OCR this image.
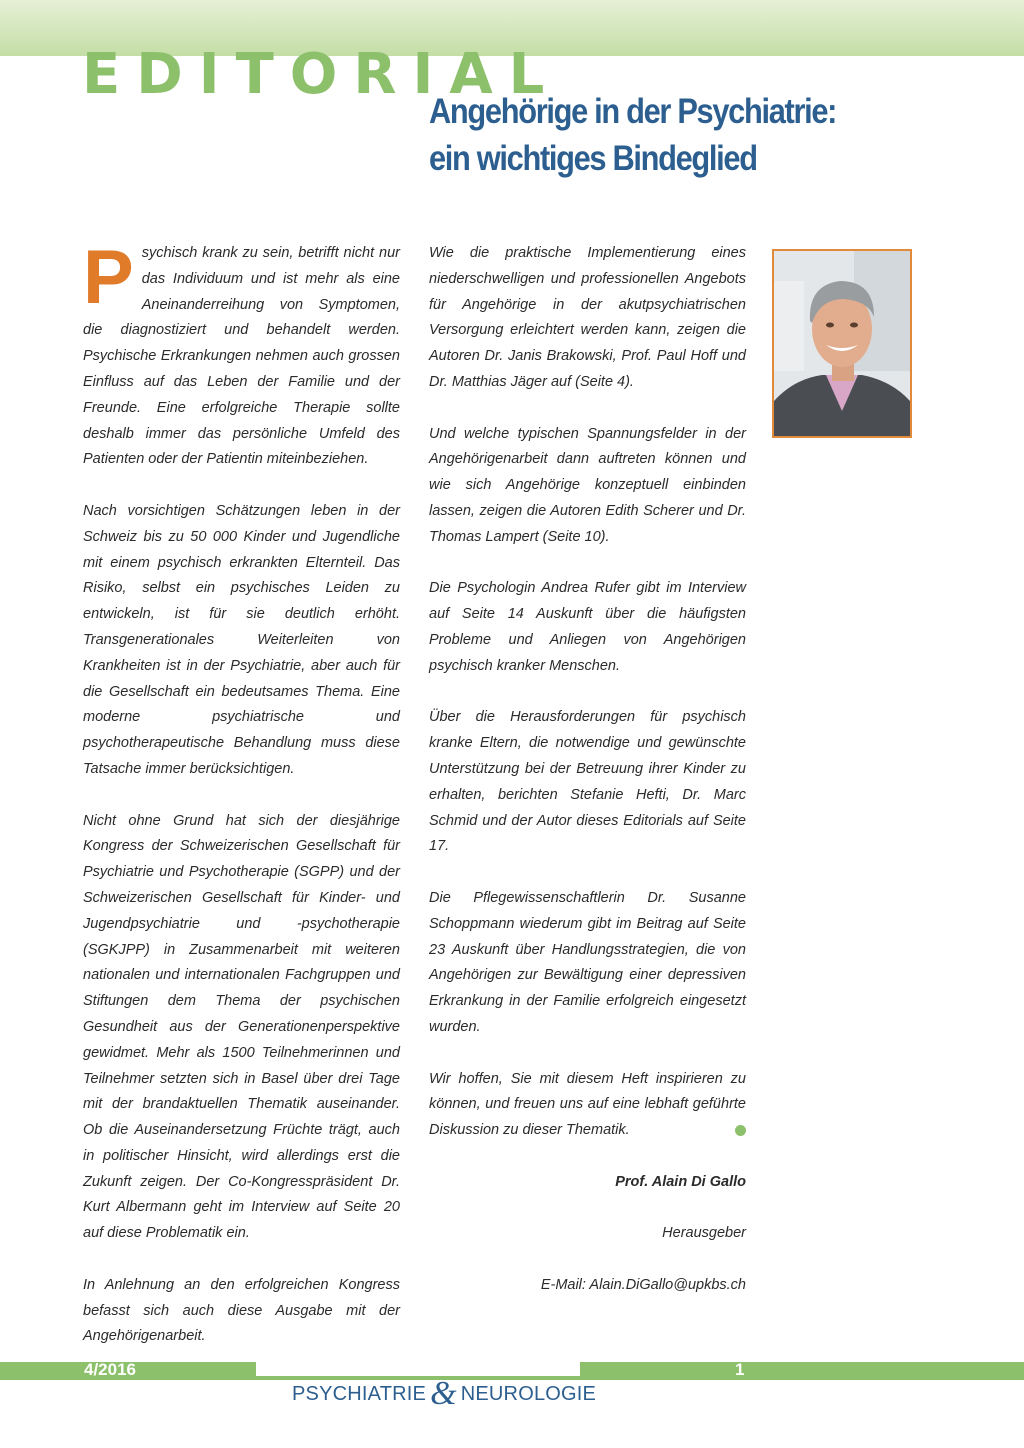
EDITORIAL
Angehörige in der Psychiatrie:
ein wichtiges Bindeglied

Psychisch krank zu sein, betrifft nicht nur das Individuum und ist mehr als eine Aneinanderreihung von Symptomen, die diagnostiziert und behandelt werden. Psychische Erkrankungen nehmen auch grossen Einfluss auf das Leben der Familie und der Freunde. Eine erfolgreiche Therapie sollte deshalb immer das persönliche Umfeld des Patienten oder der Patientin miteinbeziehen.

Nach vorsichtigen Schätzungen leben in der Schweiz bis zu 50 000 Kinder und Jugendliche mit einem psychisch erkrankten Elternteil. Das Risiko, selbst ein psychisches Leiden zu entwickeln, ist für sie deutlich erhöht. Transgenerationales Weiterleiten von Krankheiten ist in der Psychiatrie, aber auch für die Gesellschaft ein bedeutsames Thema. Eine moderne psychiatrische und psychotherapeutische Behandlung muss diese Tatsache immer berücksichtigen.

Nicht ohne Grund hat sich der diesjährige Kongress der Schweizerischen Gesellschaft für Psychiatrie und Psychotherapie (SGPP) und der Schweizerischen Gesellschaft für Kinder- und Jugendpsychiatrie und -psychotherapie (SGKJPP) in Zusammenarbeit mit weiteren nationalen und internationalen Fachgruppen und Stiftungen dem Thema der psychischen Gesundheit aus der Generationenperspektive gewidmet. Mehr als 1500 Teilnehmerinnen und Teilnehmer setzten sich in Basel über drei Tage mit der brandaktuellen Thematik auseinander. Ob die Auseinandersetzung Früchte trägt, auch in politischer Hinsicht, wird allerdings erst die Zukunft zeigen. Der Co-Kongresspräsident Dr. Kurt Albermann geht im Interview auf Seite 20 auf diese Problematik ein.

In Anlehnung an den erfolgreichen Kongress befasst sich auch diese Ausgabe mit der Angehörigenarbeit.

Wie die praktische Implementierung eines niederschwelligen und professionellen Angebots für Angehörige in der akutpsychiatrischen Versorgung erleichtert werden kann, zeigen die Autoren Dr. Janis Brakowski, Prof. Paul Hoff und Dr. Matthias Jäger auf (Seite 4).

Und welche typischen Spannungsfelder in der Angehörigenarbeit dann auftreten können und wie sich Angehörige konzeptuell einbinden lassen, zeigen die Autoren Edith Scherer und Dr. Thomas Lampert (Seite 10).

Die Psychologin Andrea Rufer gibt im Interview auf Seite 14 Auskunft über die häufigsten Probleme und Anliegen von Angehörigen psychisch kranker Menschen.

Über die Herausforderungen für psychisch kranke Eltern, die notwendige und gewünschte Unterstützung bei der Betreuung ihrer Kinder zu erhalten, berichten Stefanie Hefti, Dr. Marc Schmid und der Autor dieses Editorials auf Seite 17.

Die Pflegewissenschaftlerin Dr. Susanne Schoppmann wiederum gibt im Beitrag auf Seite 23 Auskunft über Handlungsstrategien, die von Angehörigen zur Bewältigung einer depressiven Erkrankung in der Familie erfolgreich eingesetzt wurden.

Wir hoffen, Sie mit diesem Heft inspirieren zu können, und freuen uns auf eine lebhaft geführte Diskussion zu dieser Thematik.

Prof. Alain Di Gallo

Herausgeber

E-Mail: Alain.DiGallo@upkbs.ch

4/2016	1
PSYCHIATRIE & NEUROLOGIE
